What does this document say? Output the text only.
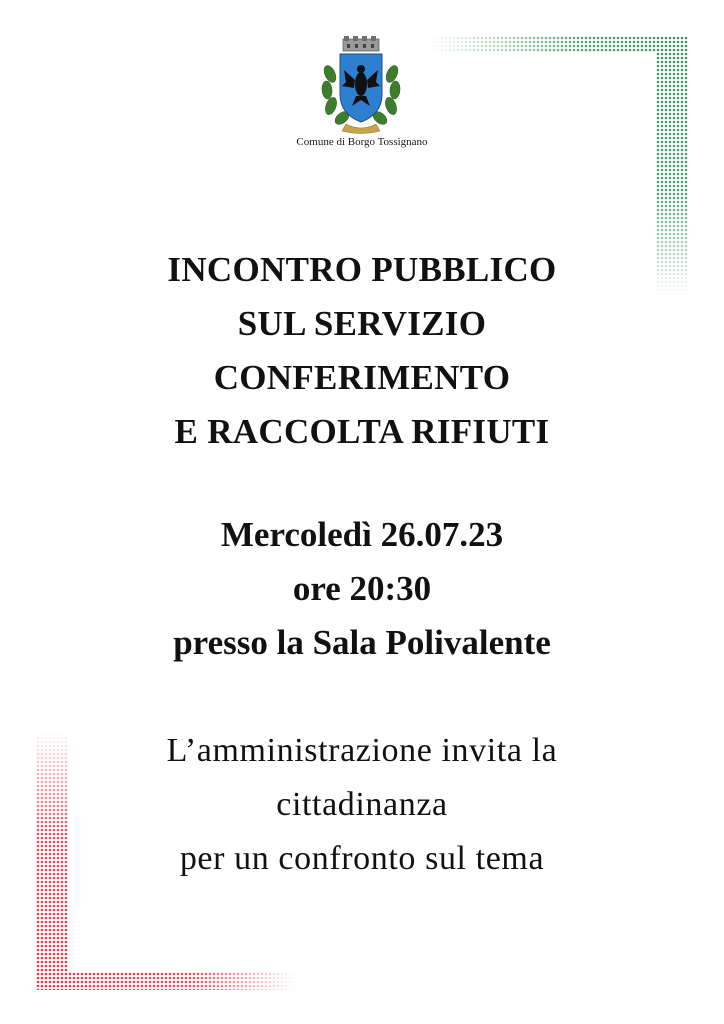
Comune di Borgo Tossignano
INCONTRO PUBBLICO
SUL SERVIZIO
CONFERIMENTO
E RACCOLTA RIFIUTI
Mercoledì 26.07.23
ore 20:30
presso la Sala Polivalente
L’amministrazione invita la
cittadinanza
per un confronto sul tema
